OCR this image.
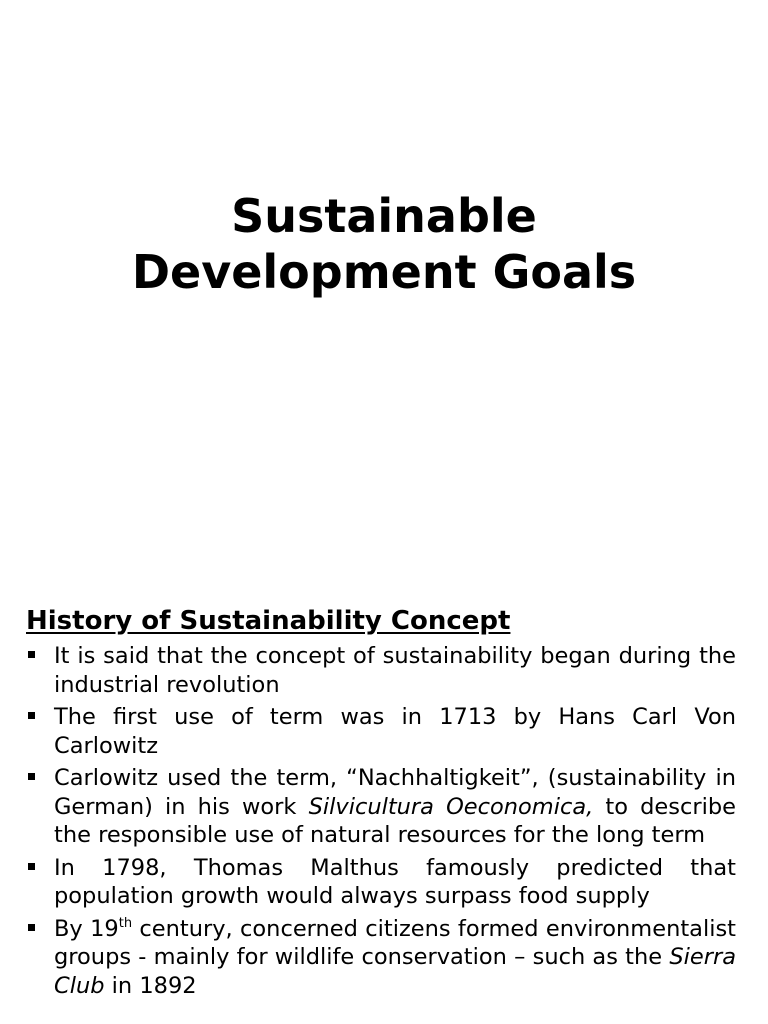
Sustainable
Development Goals
History of Sustainability Concept
It is said that the concept of sustainability began during the industrial revolution
The first use of term was in 1713 by Hans Carl Von Carlowitz
Carlowitz used the term, “Nachhaltigkeit”, (sustainability in German) in his work Silvicultura Oeconomica, to describe the responsible use of natural resources for the long term
In 1798, Thomas Malthus famously predicted that population growth would always surpass food supply
By 19th century, concerned citizens formed environmentalist groups - mainly for wildlife conservation – such as the Sierra Club in 1892
